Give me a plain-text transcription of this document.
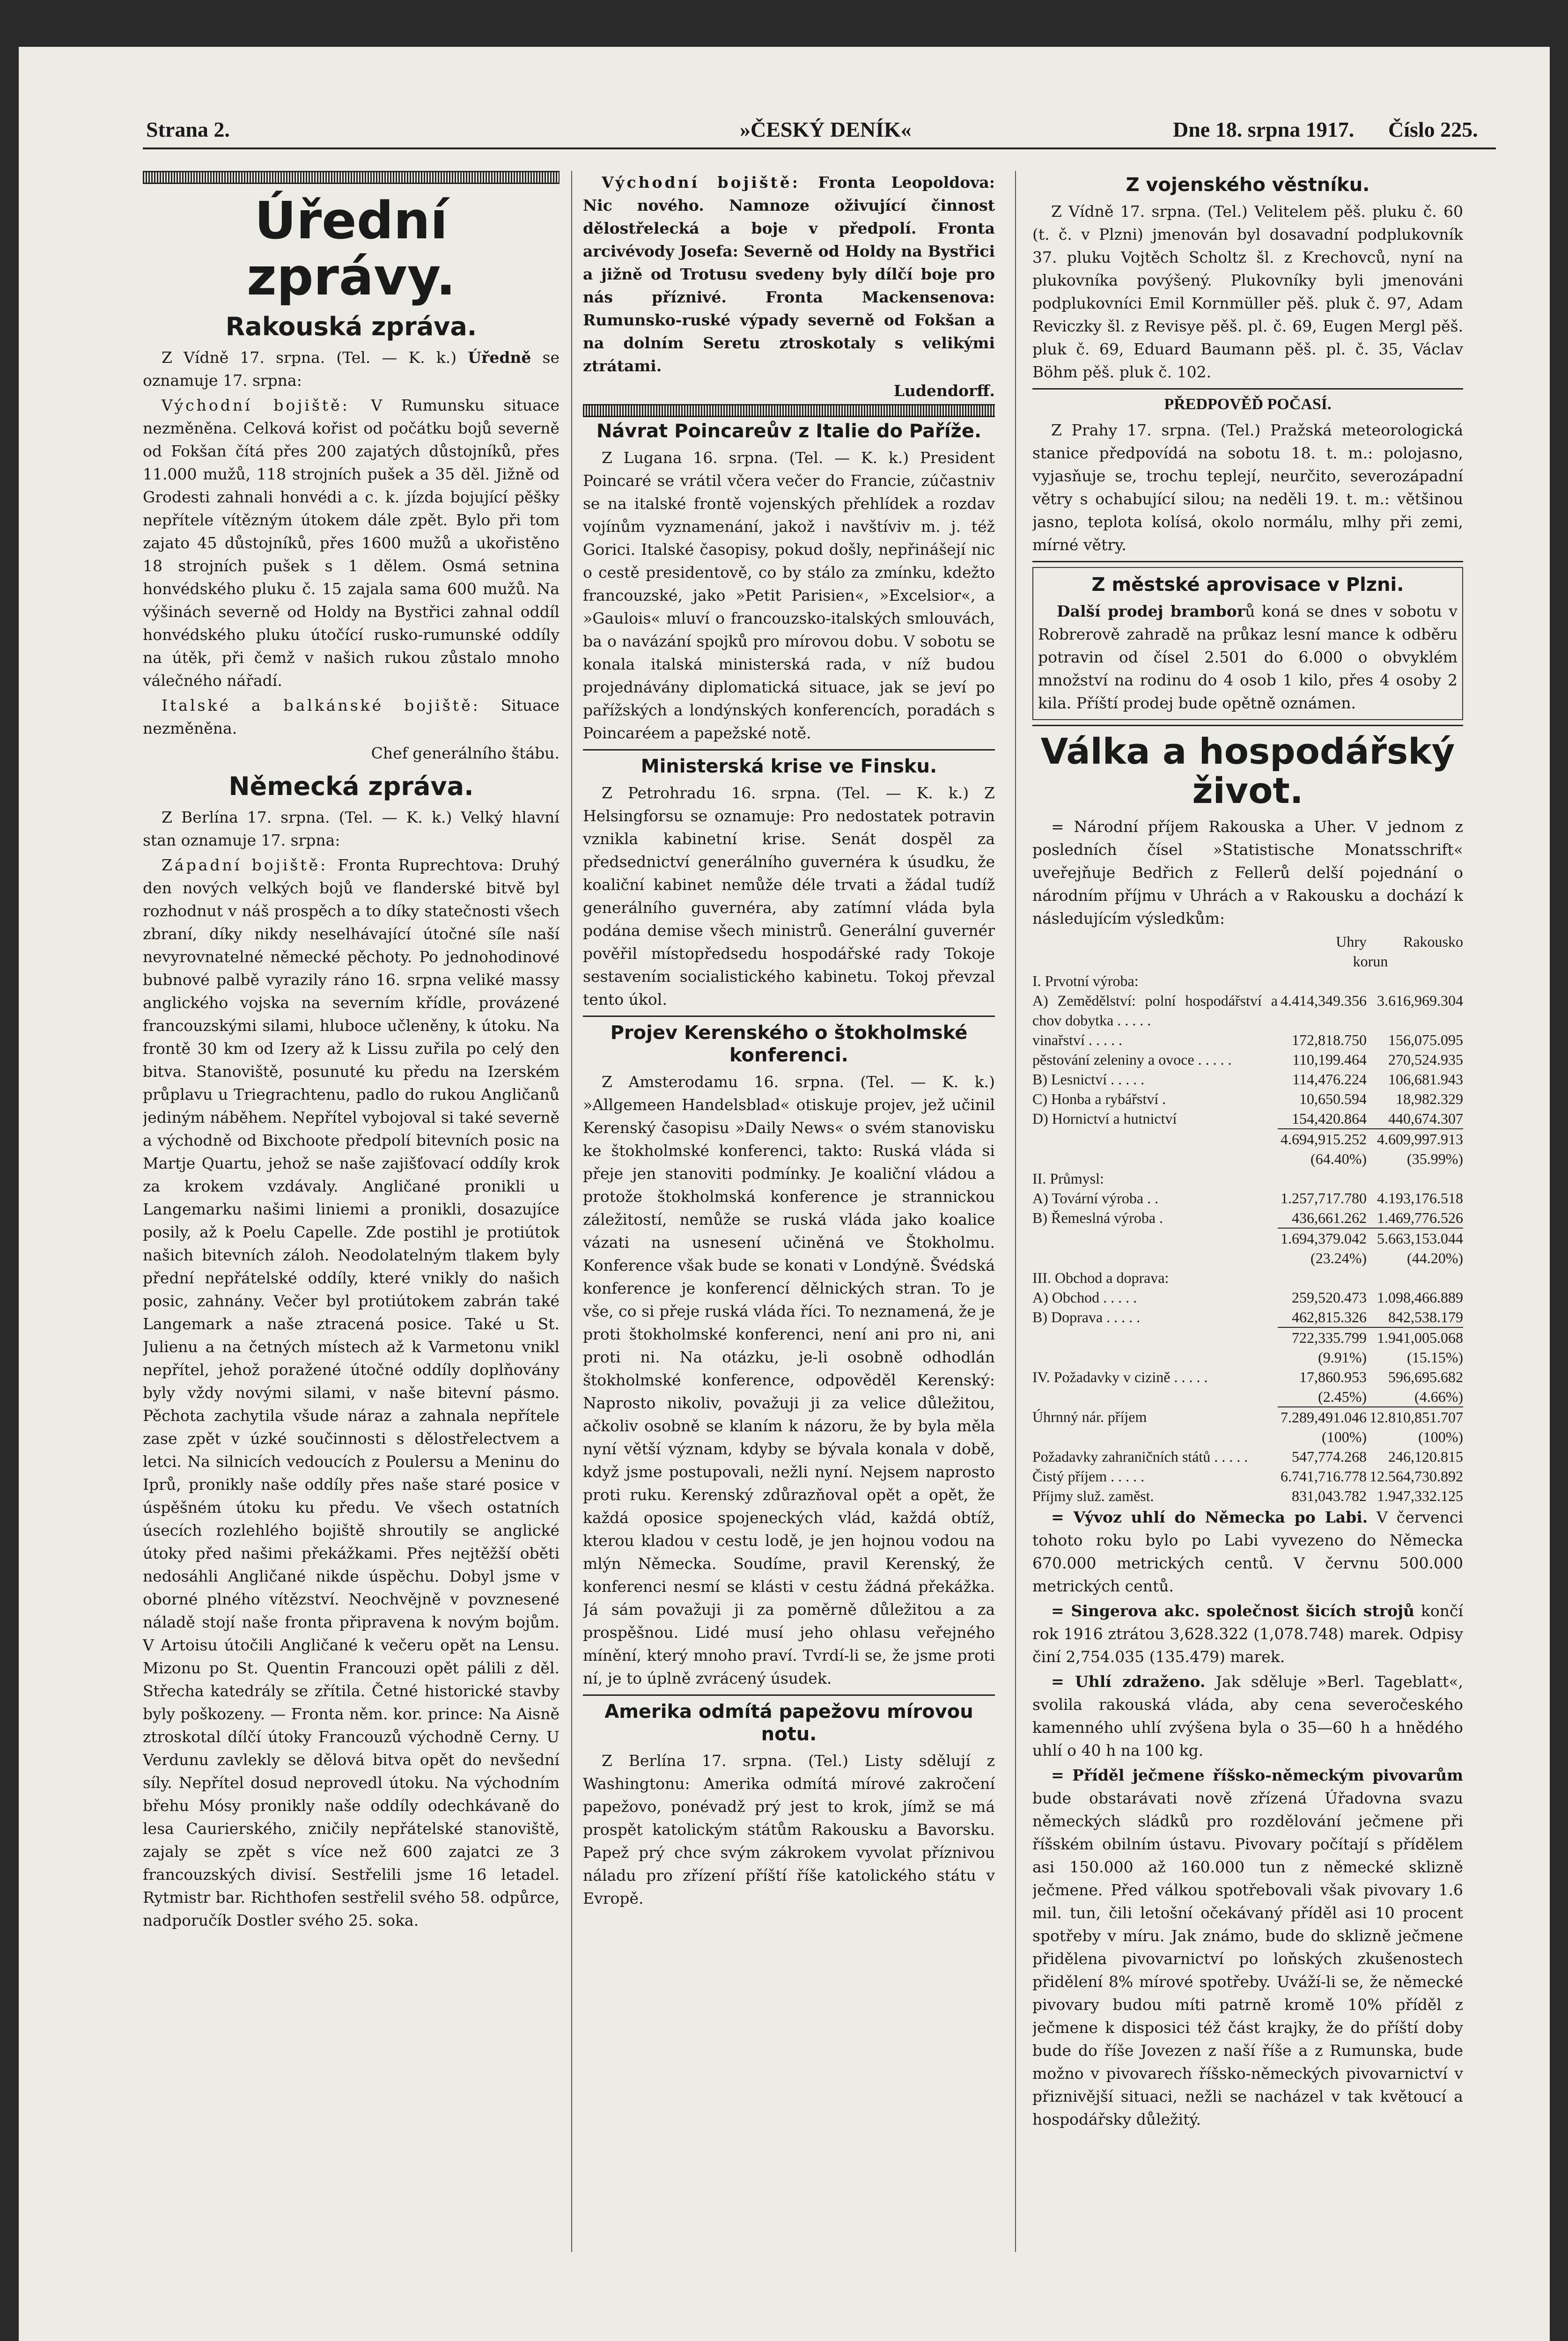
Strana 2.	»ČESKÝ DENÍK«	Dne 18. srpna 1917. Číslo 225.
Úřední zprávy.
Rakouská zpráva.

Z Vídně 17. srpna. (Tel. — K. k.) Úředně se oznamuje 17. srpna:

Východní bojiště: V Rumunsku situace nezměněna. Celková kořist od počátku bojů severně od Fokšan čítá přes 200 zajatých důstojníků, přes 11.000 mužů, 118 strojních pušek a 35 děl. Jižně od Grodesti zahnali honvédi a c. k. jízda bojující pěšky nepřítele vítězným útokem dále zpět. Bylo při tom zajato 45 důstojníků, přes 1600 mužů a ukořistěno 18 strojních pušek s 1 dělem. Osmá setnina honvédského pluku č. 15 zajala sama 600 mužů. Na výšinách severně od Holdy na Bystřici zahnal oddíl honvédského pluku útočící rusko-rumunské oddíly na útěk, při čemž v našich rukou zůstalo mnoho válečného nářadí.

Italské a balkánské bojiště: Situace nezměněna.

Chef generálního štábu.

Německá zpráva.

Z Berlína 17. srpna. (Tel. — K. k.) Velký hlavní stan oznamuje 17. srpna:

Západní bojiště: Fronta Ruprechtova: Druhý den nových velkých bojů ve flanderské bitvě byl rozhodnut v náš prospěch a to díky statečnosti všech zbraní, díky nikdy neselhávající útočné síle naší nevyrovnatelné německé pěchoty. Po jednohodinové bubnové palbě vyrazily ráno 16. srpna veliké massy anglického vojska na severním křídle, provázené francouzskými silami, hluboce učleněny, k útoku. Na frontě 30 km od Izery až k Lissu zuřila po celý den bitva. Stanoviště, posunuté ku předu na Izerském průplavu u Triegrachtenu, padlo do rukou Angličanů jediným náběhem. Nepřítel vybojoval si také severně a východně od Bixchoote předpolí bitevních posic na Martje Quartu, jehož se naše zajišťovací oddíly krok za krokem vzdávaly. Angličané pronikli u Langemarku našimi liniemi a pronikli, dosazujíce posily, až k Poelu Capelle. Zde postihl je protiútok našich bitevních záloh. Neodolatelným tlakem byly přední nepřátelské oddíly, které vnikly do našich posic, zahnány. Večer byl protiútokem zabrán také Langemark a naše ztracená posice. Také u St. Julienu a na četných místech až k Varmetonu vnikl nepřítel, jehož poražené útočné oddíly doplňovány byly vždy novými silami, v naše bitevní pásmo. Pěchota zachytila všude náraz a zahnala nepřítele zase zpět v úzké součinnosti s dělostřelectvem a letci. Na silnicích vedoucích z Poulersu a Meninu do Iprů, pronikly naše oddíly přes naše staré posice v úspěšném útoku ku předu. Ve všech ostatních úsecích rozlehlého bojiště shroutily se anglické útoky před našimi překážkami. Přes nejtěžší oběti nedosáhli Angličané nikde úspěchu. Dobyl jsme v oborné plného vítězství. Neochvějně v povznesené náladě stojí naše fronta připravena k novým bojům. V Artoisu útočili Angličané k večeru opět na Lensu. Mizonu po St. Quentin Francouzi opět pálili z děl. Střecha katedrály se zřítila. Četné historické stavby byly poškozeny. — Fronta něm. kor. prince: Na Aisně ztroskotal dílčí útoky Francouzů východně Cerny. U Verdunu zavlekly se dělová bitva opět do nevšední síly. Nepřítel dosud neprovedl útoku. Na východním břehu Mósy pronikly naše oddíly odechkávaně do lesa Caurierského, zničily nepřátelské stanoviště, zajaly se zpět s více než 600 zajatci ze 3 francouzských divisí. Sestřelili jsme 16 letadel. Rytmistr bar. Richthofen sestřelil svého 58. odpůrce, nadporučík Dostler svého 25. soka.

Východní bojiště: Fronta Leopoldova: Nic nového. Namnoze oživující činnost dělostřelecká a boje v předpolí. Fronta arcivévody Josefa: Severně od Holdy na Bystřici a jižně od Trotusu svedeny byly dílčí boje pro nás příznivé. Fronta Mackensenova: Rumunsko-ruské výpady severně od Fokšan a na dolním Seretu ztroskotaly s velikými ztrátami.

Ludendorff.

Návrat Poincareův z Italie do Paříže.

Z Lugana 16. srpna. (Tel. — K. k.) President Poincaré se vrátil včera večer do Francie, zúčastniv se na italské frontě vojenských přehlídek a rozdav vojínům vyznamenání, jakož i navštíviv m. j. též Gorici. Italské časopisy, pokud došly, nepřinášejí nic o cestě presidentově, co by stálo za zmínku, kdežto francouzské, jako »Petit Parisien«, »Excelsior«, a »Gaulois« mluví o francouzsko-italských smlouvách, ba o navázání spojků pro mírovou dobu. V sobotu se konala italská ministerská rada, v níž budou projednávány diplomatická situace, jak se jeví po pařížských a londýnských konferencích, poradách s Poincaréem a papežské notě.

Ministerská krise ve Finsku.

Z Petrohradu 16. srpna. (Tel. — K. k.) Z Helsingforsu se oznamuje: Pro nedostatek potravin vznikla kabinetní krise. Senát dospěl za předsednictví generálního guvernéra k úsudku, že koaliční kabinet nemůže déle trvati a žádal tudíž generálního guvernéra, aby zatímní vláda byla podána demise všech ministrů. Generální guvernér pověřil místopředsedu hospodářské rady Tokoje sestavením socialistického kabinetu. Tokoj převzal tento úkol.

Projev Kerenského o štokholmské konferenci.

Z Amsterodamu 16. srpna. (Tel. — K. k.) »Allgemeen Handelsblad« otiskuje projev, jež učinil Kerenský časopisu »Daily News« o svém stanovisku ke štokholmské konferenci, takto: Ruská vláda si přeje jen stanoviti podmínky. Je koaliční vládou a protože štokholmská konference je strannickou záležitostí, nemůže se ruská vláda jako koalice vázati na usnesení učiněná ve Štokholmu. Konference však bude se konati v Londýně. Švédská konference je konferencí dělnických stran. To je vše, co si přeje ruská vláda říci. To neznamená, že je proti štokholmské konferenci, není ani pro ni, ani proti ni. Na otázku, je-li osobně odhodlán štokholmské konference, odpověděl Kerenský: Naprosto nikoliv, považuji ji za velice důležitou, ačkoliv osobně se klaním k názoru, že by byla měla nyní větší význam, kdyby se bývala konala v době, když jsme postupovali, nežli nyní. Nejsem naprosto proti ruku. Kerenský zdůrazňoval opět a opět, že každá oposice spojeneckých vlád, každá obtíž, kterou kladou v cestu lodě, je jen hojnou vodou na mlýn Německa. Soudíme, pravil Kerenský, že konferenci nesmí se klásti v cestu žádná překážka. Já sám považuji ji za poměrně důležitou a za prospěšnou. Lidé musí jeho ohlasu veřejného mínění, který mnoho praví. Tvrdí-li se, že jsme proti ní, je to úplně zvrácený úsudek.

Amerika odmítá papežovu mírovou notu.

Z Berlína 17. srpna. (Tel.) Listy sdělují z Washingtonu: Amerika odmítá mírové zakročení papežovo, ponévadž prý jest to krok, jímž se má prospět katolickým státům Rakousku a Bavorsku. Papež prý chce svým zákrokem vyvolat příznivou náladu pro zřízení příští říše katolického státu v Evropě.

Z vojenského věstníku.

Z Vídně 17. srpna. (Tel.) Velitelem pěš. pluku č. 60 (t. č. v Plzni) jmenován byl dosavadní podplukovník 37. pluku Vojtěch Scholtz šl. z Krechovců, nyní na plukovníka povýšený. Plukovníky byli jmenováni podplukovníci Emil Kornmüller pěš. pluk č. 97, Adam Reviczky šl. z Revisye pěš. pl. č. 69, Eugen Mergl pěš. pluk č. 69, Eduard Baumann pěš. pl. č. 35, Václav Böhm pěš. pluk č. 102.

PŘEDPOVĚĎ POČASÍ.

Z Prahy 17. srpna. (Tel.) Pražská meteorologická stanice předpovídá na sobotu 18. t. m.: polojasno, vyjasňuje se, trochu teplejí, neurčito, severozápadní větry s ochabující silou; na neděli 19. t. m.: většinou jasno, teplota kolísá, okolo normálu, mlhy při zemi, mírné větry.

Z městské aprovisace v Plzni.

Další prodej bramborů koná se dnes v sobotu v Robrerově zahradě na průkaz lesní mance k odběru potravin od čísel 2.501 do 6.000 o obvyklém množství na rodinu do 4 osob 1 kilo, přes 4 osoby 2 kila. Příští prodej bude opětně oznámen.

Válka a hospodářský život.

= Národní příjem Rakouska a Uher. V jednom z posledních čísel »Statistische Monatsschrift« uveřejňuje Bedřich z Fellerů delší pojednání o národním příjmu v Uhrách a v Rakousku a dochází k následujícím výsledkům:

	Uhry	Rakousko
	korun	
I. Prvotní výroba:		
A) Zemědělství: polní hospodářství a chov dobytka . . . . .	4.414,349.356	3.616,969.304
vinařství . . . . .	172,818.750	156,075.095
pěstování zeleniny a ovoce . . . . .	110,199.464	270,524.935
B) Lesnictví . . . . .	114,476.224	106,681.943
C) Honba a rybářství .	10,650.594	18,982.329
D) Hornictví a hutnictví	154,420.864	440,674.307
	4.694,915.252	4.609,997.913
	(64.40%)	(35.99%)
II. Průmysl:		
A) Tovární výroba . .	1.257,717.780	4.193,176.518
B) Řemeslná výroba .	436,661.262	1.469,776.526
	1.694,379.042	5.663,153.044
	(23.24%)	(44.20%)
III. Obchod a doprava:		
A) Obchod . . . . .	259,520.473	1.098,466.889
B) Doprava . . . . .	462,815.326	842,538.179
	722,335.799	1.941,005.068
	(9.91%)	(15.15%)
IV. Požadavky v cizině . . . . .	17,860.953	596,695.682
	(2.45%)	(4.66%)
Úhrnný nár. příjem	7.289,491.046	12.810,851.707
	(100%)	(100%)
Požadavky zahraničních států . . . . .	547,774.268	246,120.815
Čistý příjem . . . . .	6.741,716.778	12.564,730.892
Příjmy služ. zaměst.	831,043.782	1.947,332.125

= Vývoz uhlí do Německa po Labi. V červenci tohoto roku bylo po Labi vyvezeno do Německa 670.000 metrických centů. V červnu 500.000 metrických centů.

= Singerova akc. společnost šicích strojů končí rok 1916 ztrátou 3,628.322 (1,078.748) marek. Odpisy činí 2,754.035 (135.479) marek.

= Uhlí zdraženo. Jak sděluje »Berl. Tageblatt«, svolila rakouská vláda, aby cena severočeského kamenného uhlí zvýšena byla o 35—60 h a hnědého uhlí o 40 h na 100 kg.

= Příděl ječmene říšsko-německým pivovarům bude obstarávati nově zřízená Úřadovna svazu německých sládků pro rozdělování ječmene při říšském obilním ústavu. Pivovary počítají s přídělem asi 150.000 až 160.000 tun z německé sklizně ječmene. Před válkou spotřebovali však pivovary 1.6 mil. tun, čili letošní očekávaný příděl asi 10 procent spotřeby v míru. Jak známo, bude do sklizně ječmene přidělena pivovarnictví po loňských zkušenostech přidělení 8% mírové spotřeby. Uváží-li se, že německé pivovary budou míti patrně kromě 10% příděl z ječmene k disposici též část krajky, že do příští doby bude do říše Jovezen z naší říše a z Rumunska, bude možno v pivovarech říšsko-německých pivovarnictví v přiznivější situaci, nežli se nacházel v tak květoucí a hospodářsky důležitý.
